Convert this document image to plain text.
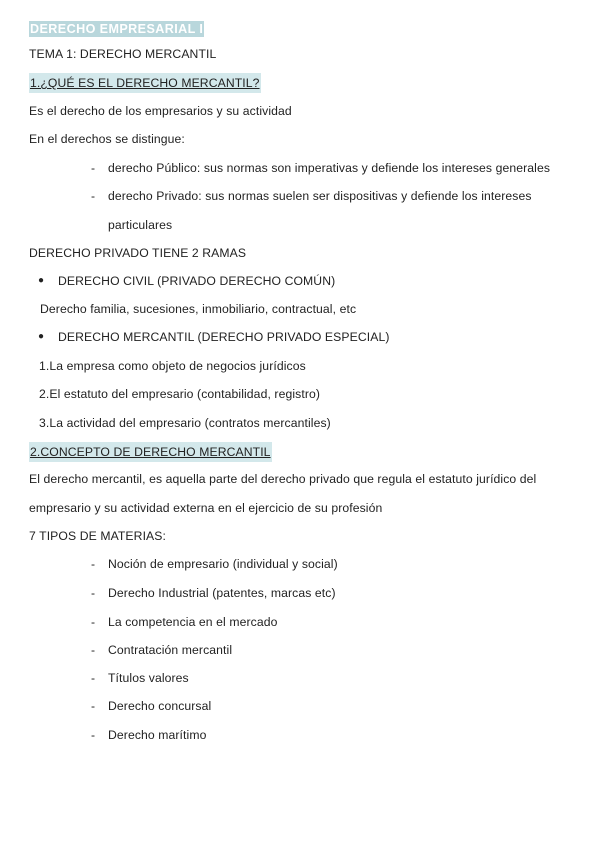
DERECHO EMPRESARIAL I
TEMA 1: DERECHO MERCANTIL
1.¿QUÉ ES EL DERECHO MERCANTIL?
Es el derecho de los empresarios y su actividad
En el derechos se distingue:
- derecho Público: sus normas son imperativas y defiende los intereses generales
- derecho Privado: sus normas suelen ser dispositivas y defiende los intereses
particulares
DERECHO PRIVADO TIENE 2 RAMAS
● DERECHO CIVIL (PRIVADO DERECHO COMÚN)
Derecho familia, sucesiones, inmobiliario, contractual, etc
● DERECHO MERCANTIL (DERECHO PRIVADO ESPECIAL)
1.La empresa como objeto de negocios jurídicos
2.El estatuto del empresario (contabilidad, registro)
3.La actividad del empresario (contratos mercantiles)
2.CONCEPTO DE DERECHO MERCANTIL
El derecho mercantil, es aquella parte del derecho privado que regula el estatuto jurídico del
empresario y su actividad externa en el ejercicio de su profesión
7 TIPOS DE MATERIAS:
- Noción de empresario (individual y social)
- Derecho Industrial (patentes, marcas etc)
- La competencia en el mercado
- Contratación mercantil
- Títulos valores
- Derecho concursal
- Derecho marítimo
